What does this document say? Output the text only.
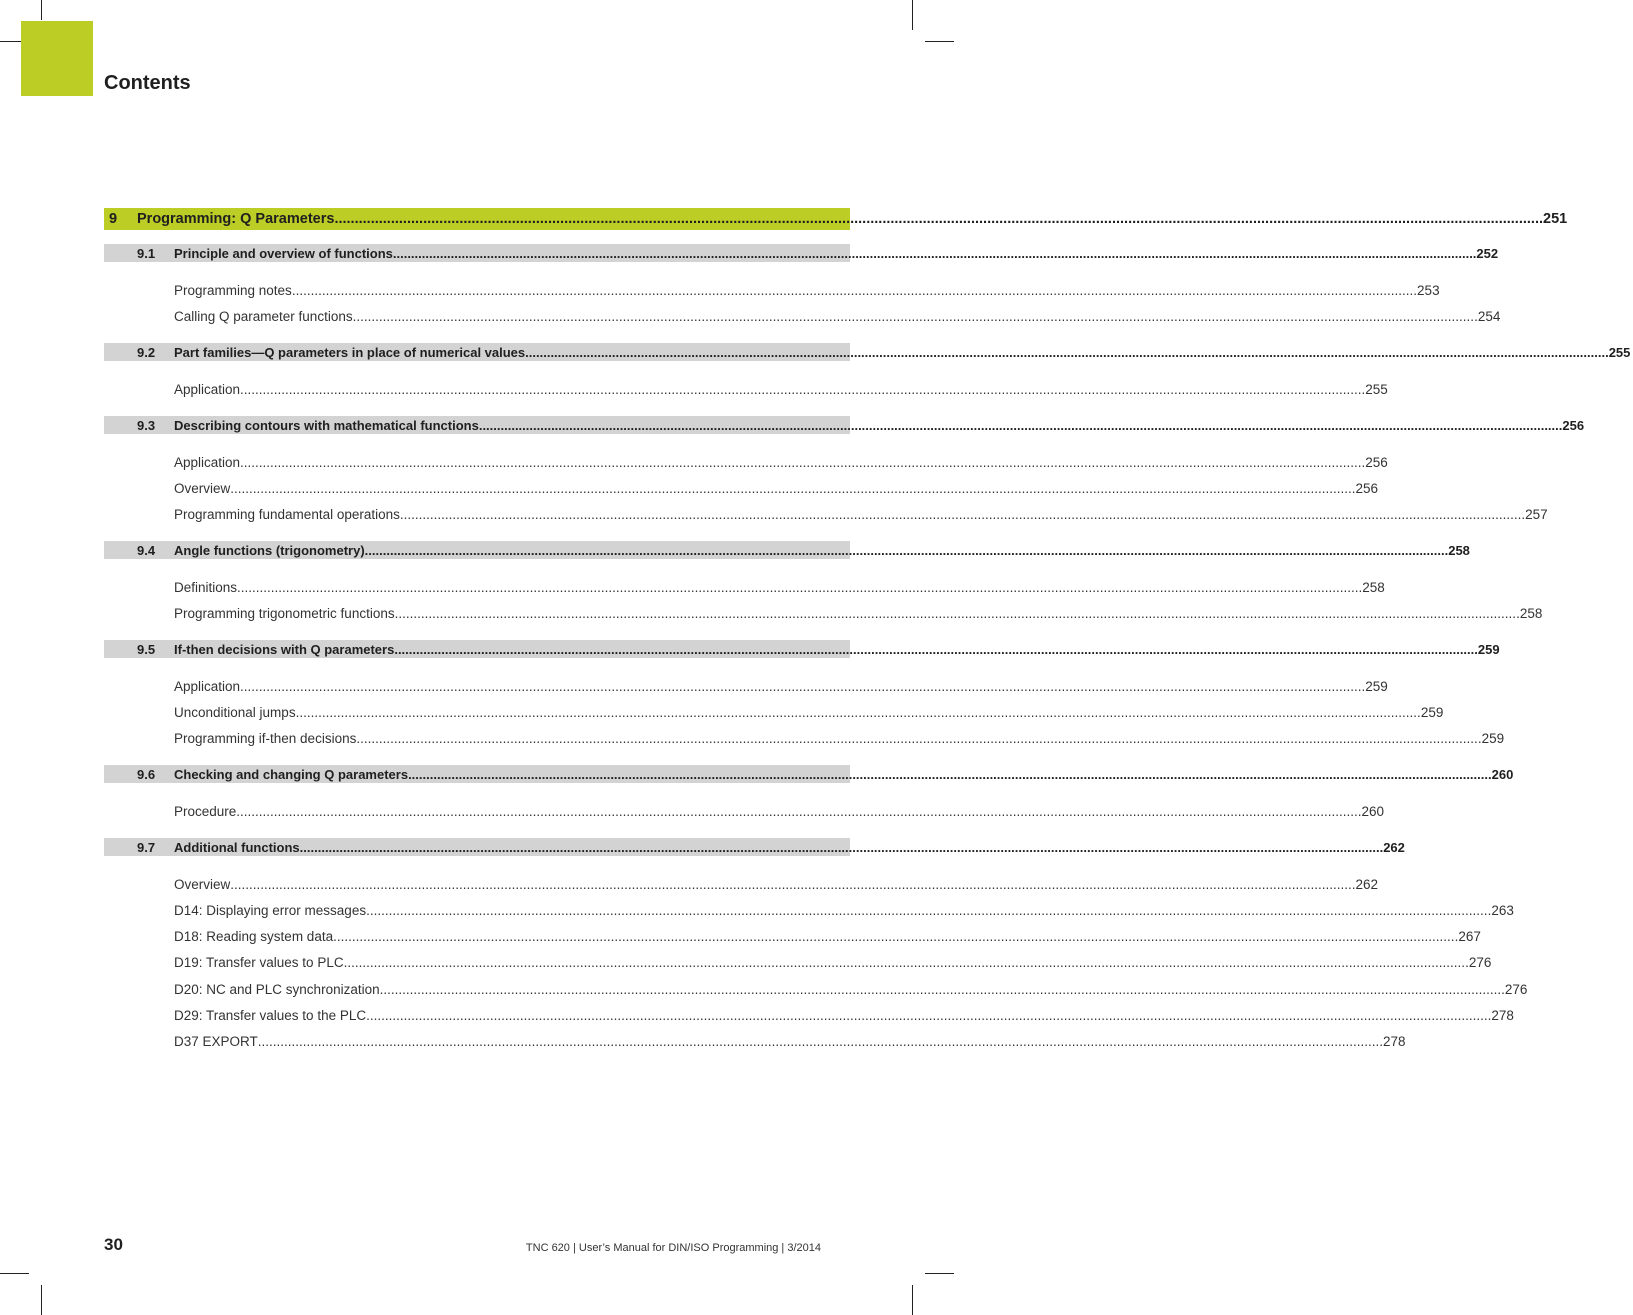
Contents
9	Programming: Q Parameters ............................................................................................................................................................................................................................................................................................................ 251
9.1	Principle and overview of functions ............................................................................................................................................................................................................................................................................................................ 252
Programming notes ............................................................................................................................................................................................................................................................................................................ 253
Calling Q parameter functions ............................................................................................................................................................................................................................................................................................................ 254
9.2	Part families—Q parameters in place of numerical values ............................................................................................................................................................................................................................................................................................................ 255
Application ............................................................................................................................................................................................................................................................................................................ 255
9.3	Describing contours with mathematical functions ............................................................................................................................................................................................................................................................................................................ 256
Application ............................................................................................................................................................................................................................................................................................................ 256
Overview ............................................................................................................................................................................................................................................................................................................ 256
Programming fundamental operations ............................................................................................................................................................................................................................................................................................................ 257
9.4	Angle functions (trigonometry) ............................................................................................................................................................................................................................................................................................................ 258
Definitions ............................................................................................................................................................................................................................................................................................................ 258
Programming trigonometric functions ............................................................................................................................................................................................................................................................................................................ 258
9.5	If-then decisions with Q parameters ............................................................................................................................................................................................................................................................................................................ 259
Application ............................................................................................................................................................................................................................................................................................................ 259
Unconditional jumps ............................................................................................................................................................................................................................................................................................................ 259
Programming if-then decisions ............................................................................................................................................................................................................................................................................................................ 259
9.6	Checking and changing Q parameters ............................................................................................................................................................................................................................................................................................................ 260
Procedure ............................................................................................................................................................................................................................................................................................................ 260
9.7	Additional functions ............................................................................................................................................................................................................................................................................................................ 262
Overview ............................................................................................................................................................................................................................................................................................................ 262
D14: Displaying error messages ............................................................................................................................................................................................................................................................................................................ 263
D18: Reading system data ............................................................................................................................................................................................................................................................................................................ 267
D19: Transfer values to PLC ............................................................................................................................................................................................................................................................................................................ 276
D20: NC and PLC synchronization ............................................................................................................................................................................................................................................................................................................ 276
D29: Transfer values to the PLC ............................................................................................................................................................................................................................................................................................................ 278
D37 EXPORT ............................................................................................................................................................................................................................................................................................................ 278
30	TNC 620 | User’s Manual for DIN/ISO Programming | 3/2014
